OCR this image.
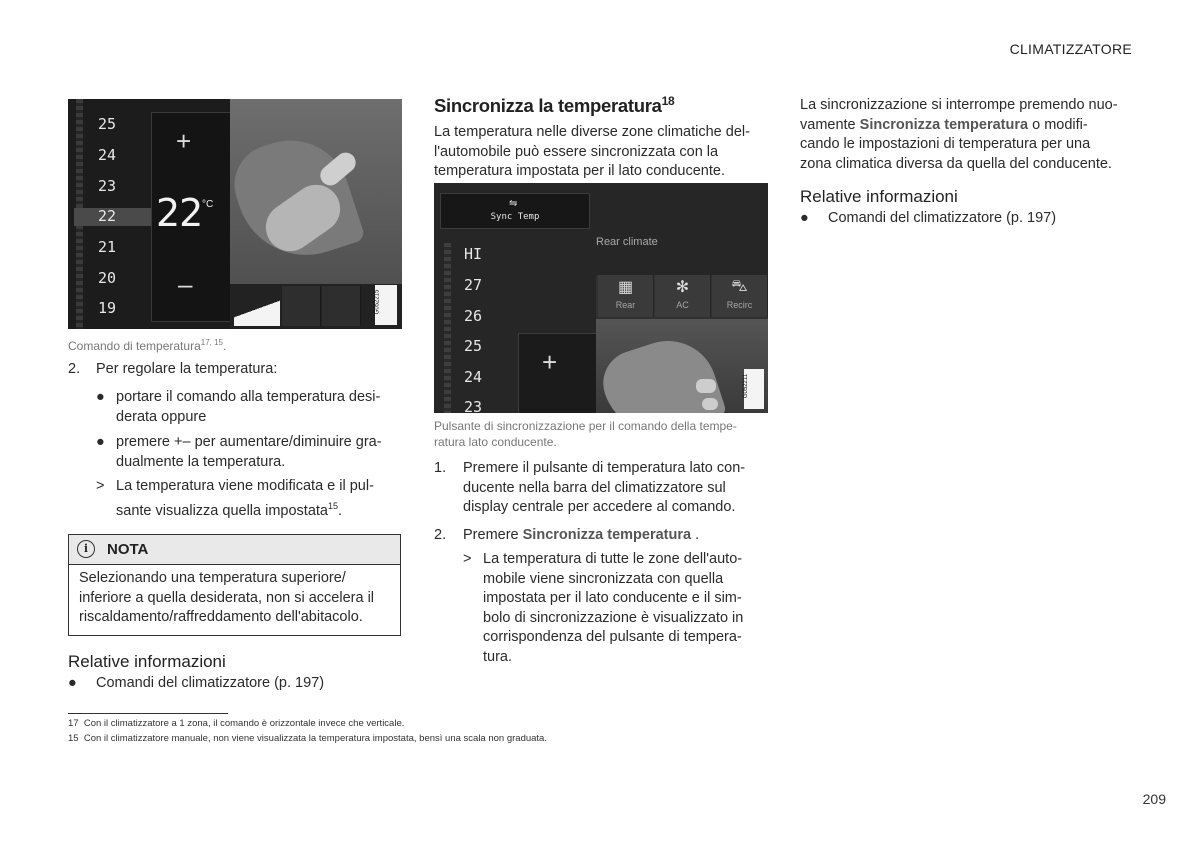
CLIMATIZZATORE
209
25
24
23
22
21
20
19
+
22 °C
–
G052215
Comando di temperatura$^{17, 15}$.
2. Per regolare la temperatura:
● portare il comando alla temperatura desi-
derata oppure
● premere +– per aumentare/diminuire gra-
dualmente la temperatura.
> La temperatura viene modificata e il pul-
sante visualizza quella impostata$^{15}$.
i	NOTA
Selezionando una temperatura superiore/
inferiore a quella desiderata, non si accelera il
riscaldamento/raffreddamento dell'abitacolo.
Relative informazioni
● Comandi del climatizzatore (p. 197)
Sincronizza la temperatura$^{18}$
La temperatura nelle diverse zone climatiche del-
l'automobile può essere sincronizzata con la
temperatura impostata per il lato conducente.
⇋
Sync Temp
Rear climate
HI
27
26
25
24
23
+
▦
Rear
✻
AC
⛍
Recirc
G052211
Pulsante di sincronizzazione per il comando della tempe-
ratura lato conducente.
1. Premere il pulsante di temperatura lato con-
ducente nella barra del climatizzatore sul
display centrale per accedere al comando.
2. Premere Sincronizza temperatura .
> La temperatura di tutte le zone dell'auto-
mobile viene sincronizzata con quella
impostata per il lato conducente e il sim-
bolo di sincronizzazione è visualizzato in
corrispondenza del pulsante di tempera-
tura.
La sincronizzazione si interrompe premendo nuo-
vamente Sincronizza temperatura o modifi-
cando le impostazioni di temperatura per una
zona climatica diversa da quella del conducente.
Relative informazioni
● Comandi del climatizzatore (p. 197)
17 Con il climatizzatore a 1 zona, il comando è orizzontale invece che verticale.
15 Con il climatizzatore manuale, non viene visualizzata la temperatura impostata, bensì una scala non graduata.
